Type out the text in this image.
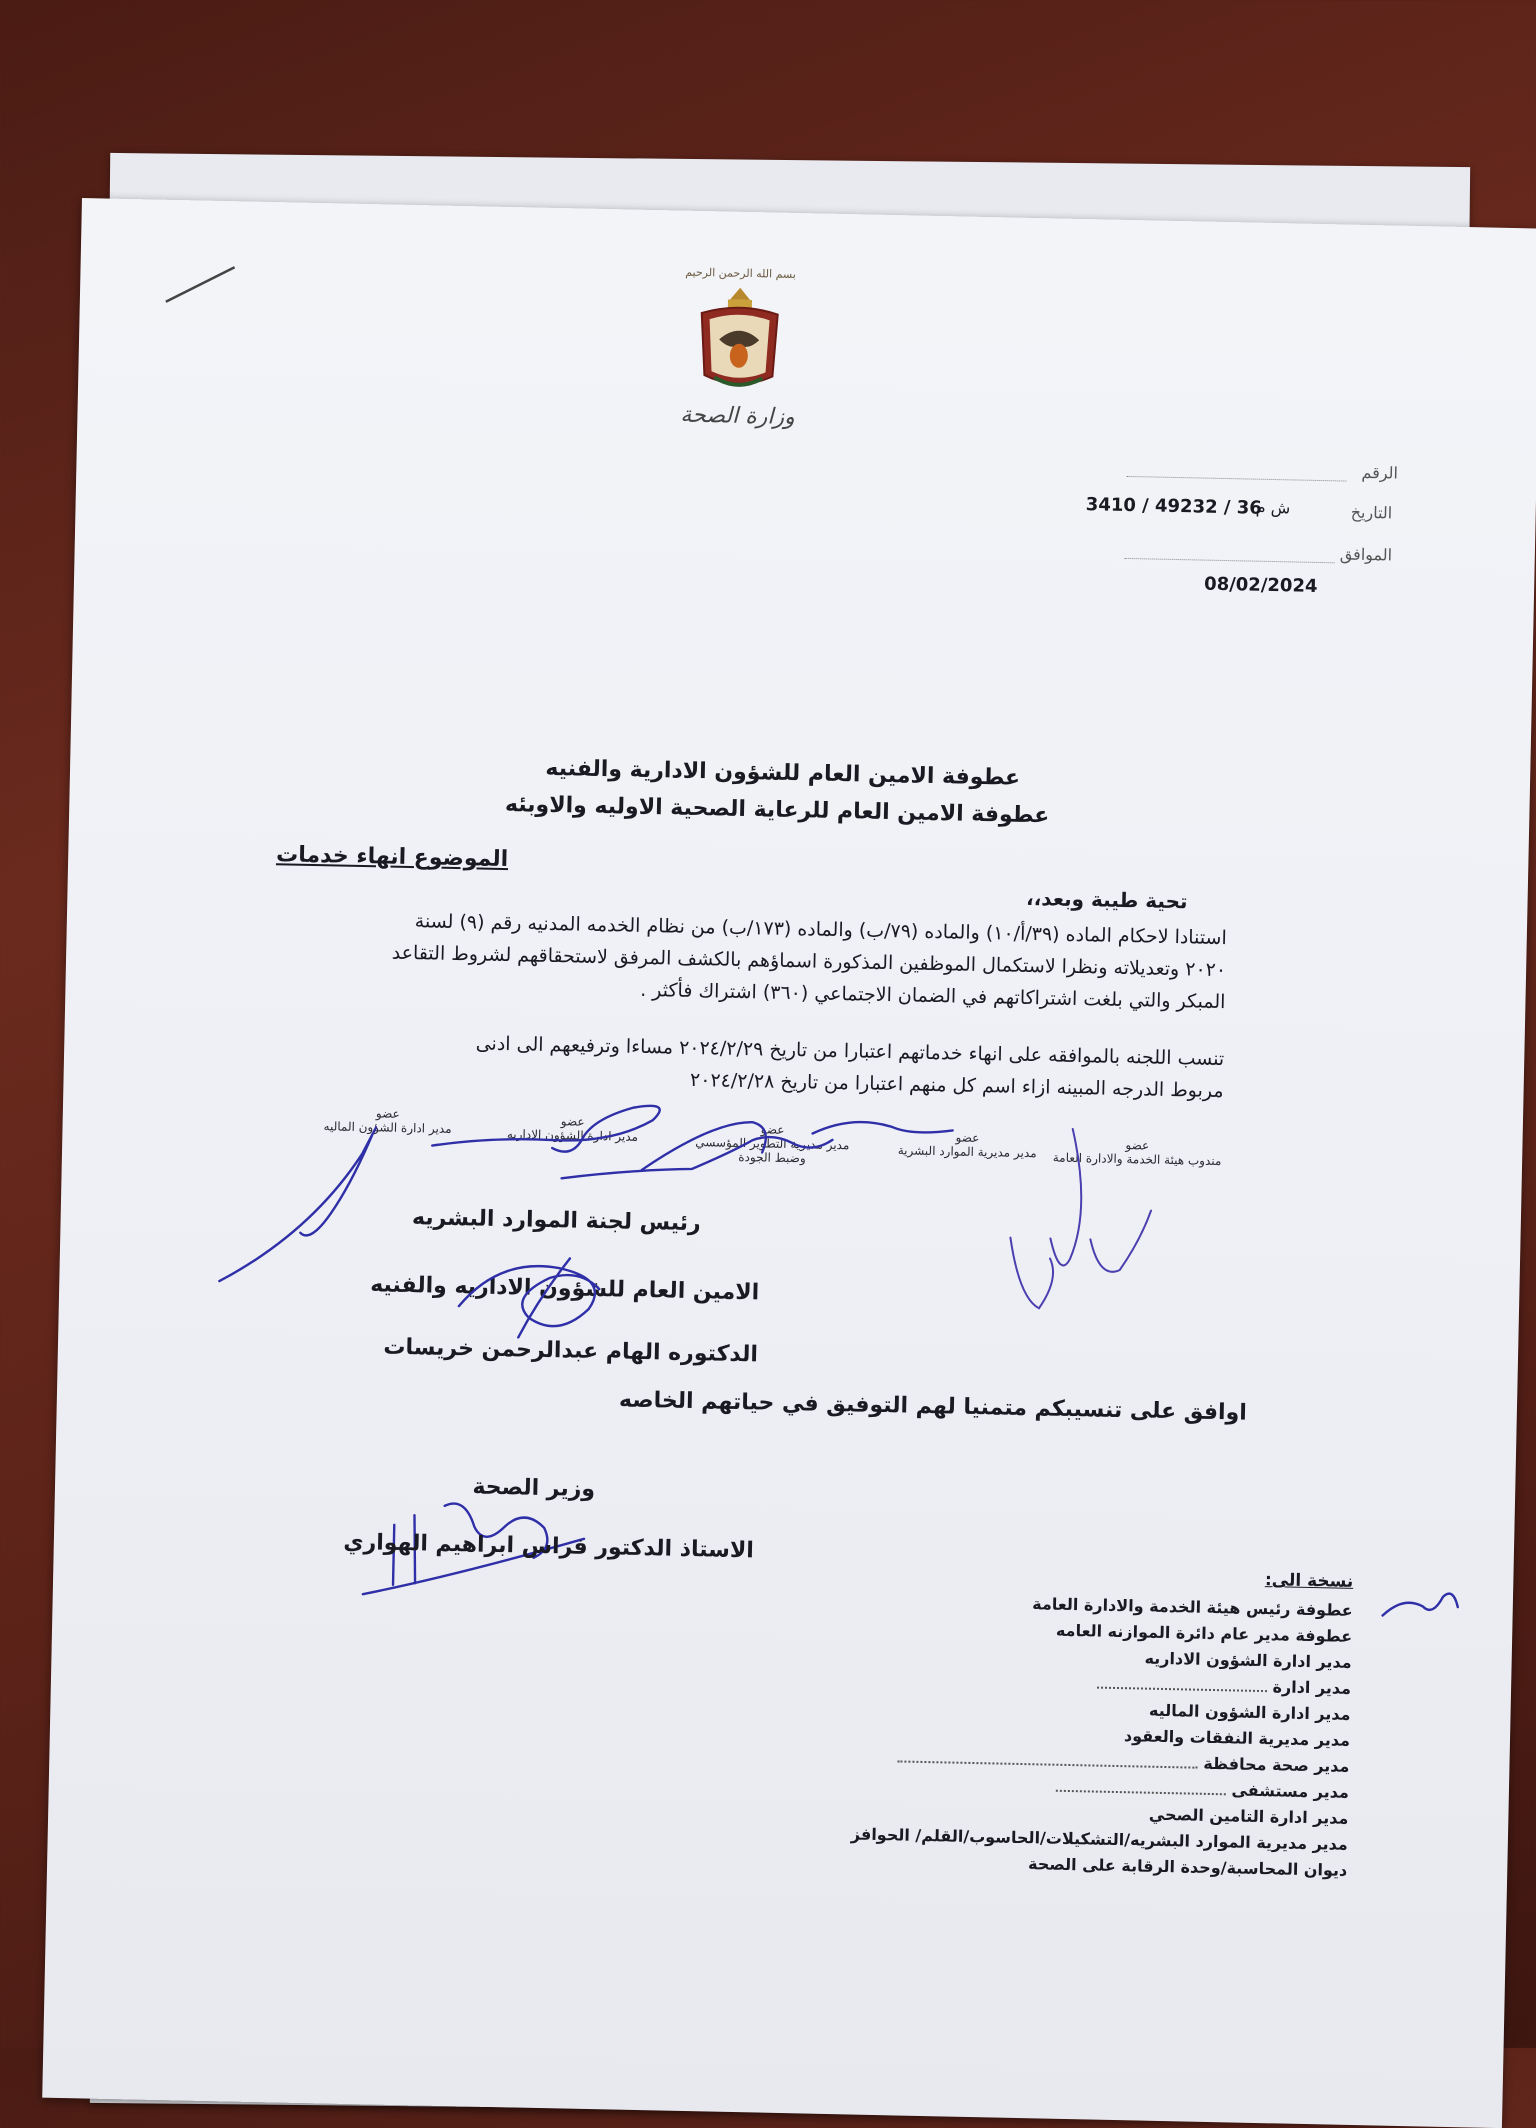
بسم الله الرحمن الرحيم
وزارة الصحة
الرقم
التاريخ
3410 / 49232 / 36
ش م
الموافق
08/02/2024
عطوفة الامين العام للشؤون الادارية والفنيه
عطوفة الامين العام للرعاية الصحية الاوليه والاوبئه
الموضوع انهاء خدمات
تحية طيبة وبعد،،
استنادا لاحكام الماده (٣٩/أ/١٠) والماده (٧٩/ب) والماده (١٧٣/ب) من نظام الخدمه المدنيه رقم (٩) لسنة
٢٠٢٠ وتعديلاته ونظرا لاستكمال الموظفين المذكورة اسماؤهم بالكشف المرفق لاستحقاقهم لشروط التقاعد
المبكر والتي بلغت اشتراكاتهم في الضمان الاجتماعي (٣٦٠) اشتراك فأكثر .
تنسب اللجنه بالموافقه على انهاء خدماتهم اعتبارا من تاريخ ٢٠٢٤/٢/٢٩ مساءا وترفيعهم الى ادنى
مربوط الدرجه المبينه ازاء اسم كل منهم اعتبارا من تاريخ ٢٠٢٤/٢/٢٨
عضو
مندوب هيئة الخدمة والادارة العامة
عضو
مدير مديرية الموارد البشرية
عضو
مدير مديرية التطوير المؤسسي وضبط الجودة
عضو
مدير ادارة الشؤون الاداريه
عضو
مدير ادارة الشؤون الماليه
رئيس لجنة الموارد البشريه
الامين العام للشؤون الاداريه والفنيه
الدكتوره الهام عبدالرحمن خريسات
اوافق على تنسيبكم متمنيا لهم التوفيق في حياتهم الخاصه
وزير الصحة
الاستاذ الدكتور فراس ابراهيم الهواري
نسخة الى:
عطوفة رئيس هيئة الخدمة والادارة العامة
عطوفة مدير عام دائرة الموازنه العامه
مدير ادارة الشؤون الاداريه
مدير ادارة
مدير ادارة الشؤون الماليه
مدير مديرية النفقات والعقود
مدير صحة محافظة
مدير مستشفى
مدير ادارة التامين الصحي
مدير مديرية الموارد البشريه/التشكيلات/الحاسوب/القلم/ الحوافز
ديوان المحاسبة/وحدة الرقابة على الصحة
